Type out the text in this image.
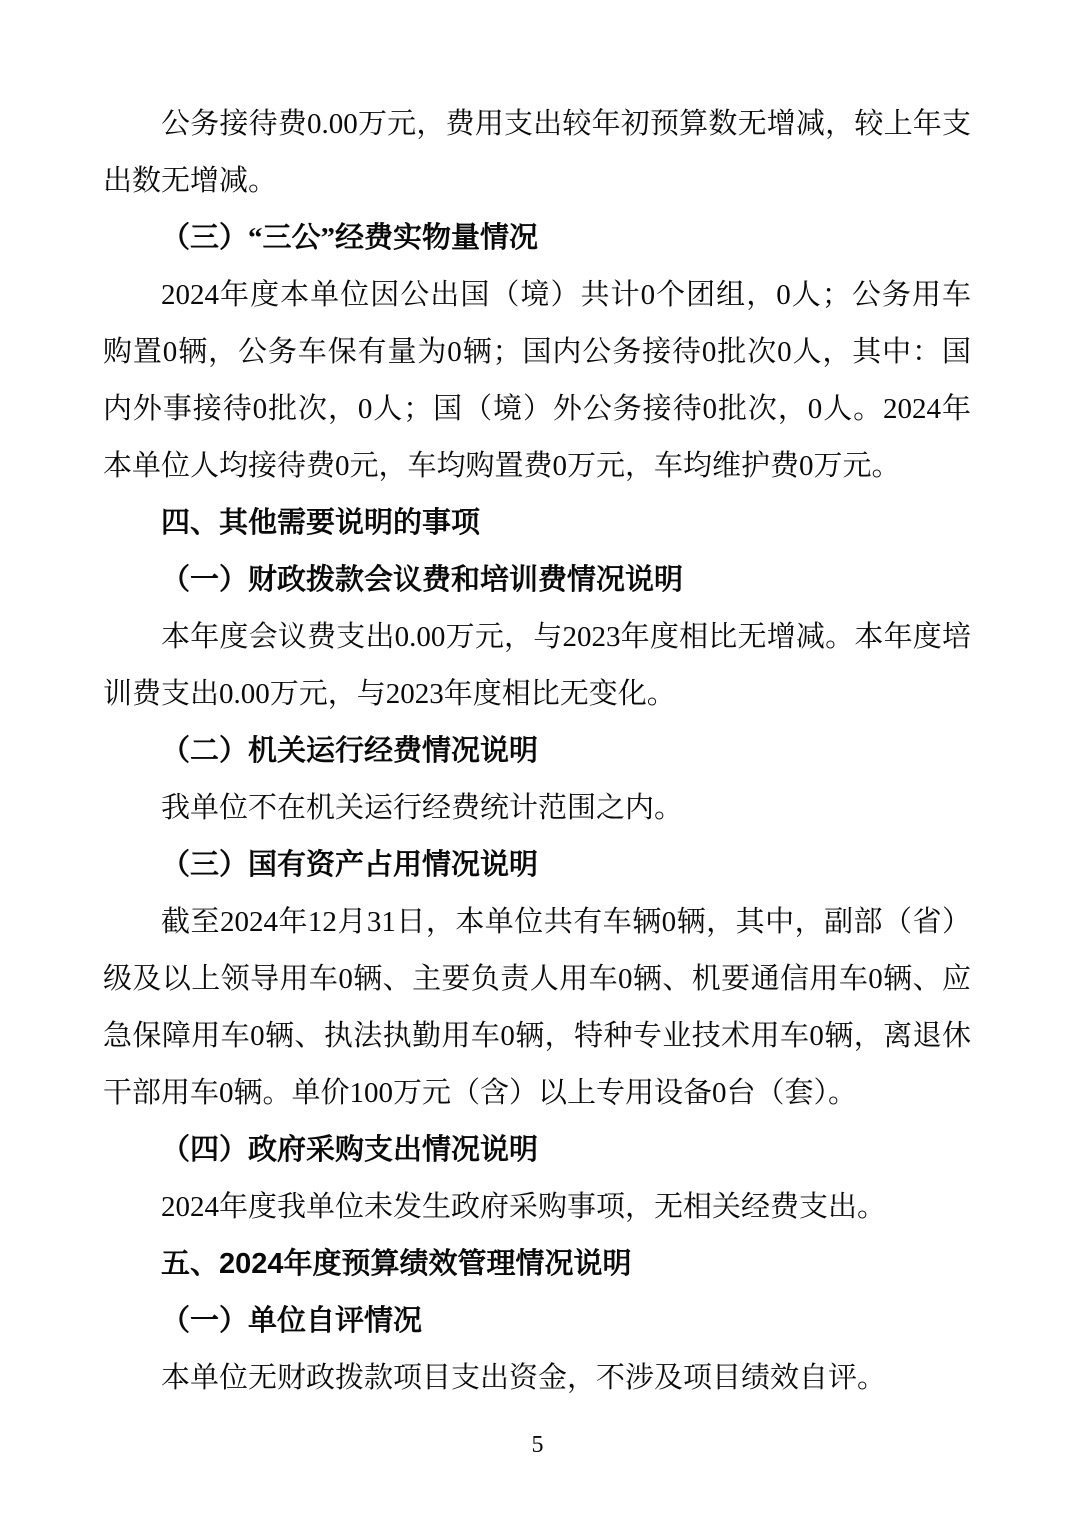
公务接待费0.00万元，费用支出较年初预算数无增减，较上年支出数无增减。

（三）“三公”经费实物量情况

2024年度本单位因公出国（境）共计0个团组，0人；公务用车购置0辆，公务车保有量为0辆；国内公务接待0批次0人，其中：国内外事接待0批次，0人；国（境）外公务接待0批次，0人。2024年本单位人均接待费0元，车均购置费0万元，车均维护费0万元。

四、其他需要说明的事项

（一）财政拨款会议费和培训费情况说明

本年度会议费支出0.00万元，与2023年度相比无增减。本年度培训费支出0.00万元，与2023年度相比无变化。

（二）机关运行经费情况说明

我单位不在机关运行经费统计范围之内。

（三）国有资产占用情况说明

截至2024年12月31日，本单位共有车辆0辆，其中，副部（省）级及以上领导用车0辆、主要负责人用车0辆、机要通信用车0辆、应急保障用车0辆、执法执勤用车0辆，特种专业技术用车0辆，离退休干部用车0辆。单价100万元（含）以上专用设备0台（套）。

（四）政府采购支出情况说明

2024年度我单位未发生政府采购事项，无相关经费支出。

五、2024年度预算绩效管理情况说明

（一）单位自评情况

本单位无财政拨款项目支出资金，不涉及项目绩效自评。

5
